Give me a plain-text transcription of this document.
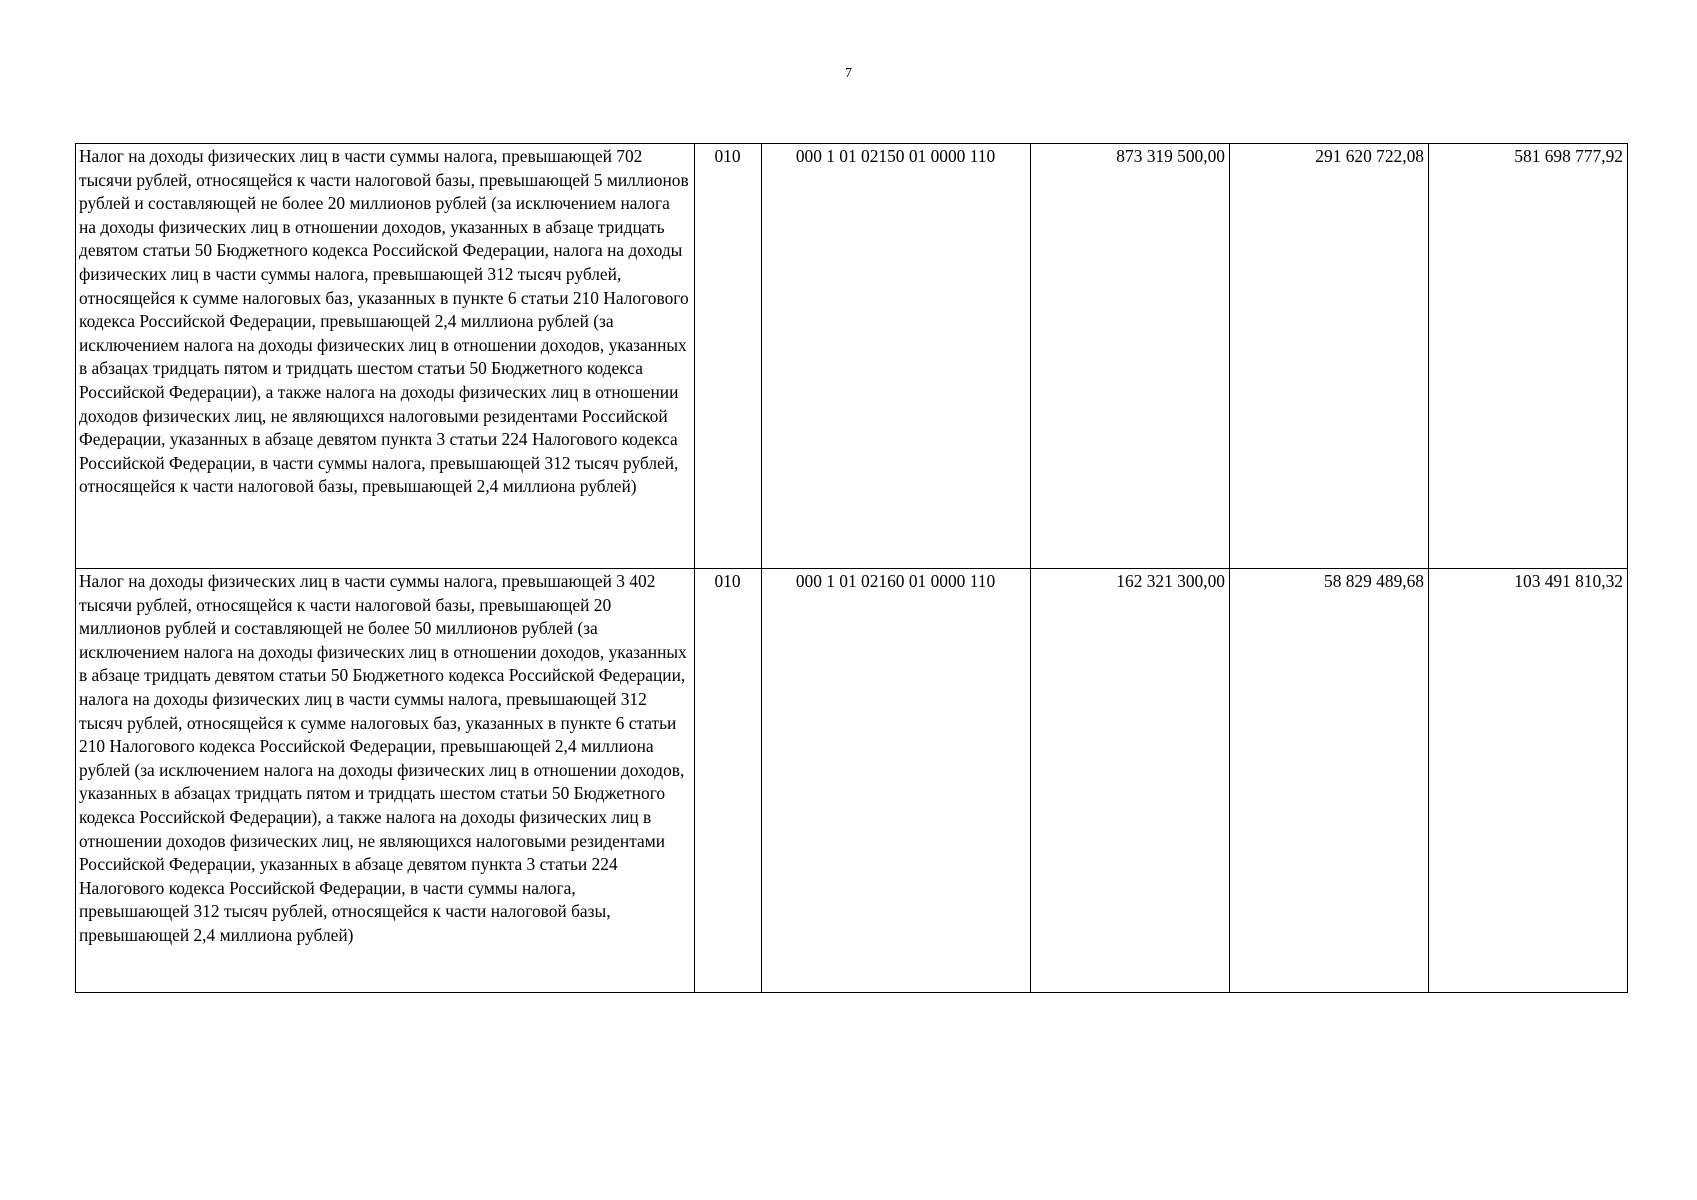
7
Налог на доходы физических лиц в части суммы налога, превышающей 702 тысячи рублей, относящейся к части налоговой базы, превышающей 5 миллионов рублей и составляющей не более 20 миллионов рублей (за исключением налога на доходы физических лиц в отношении доходов, указанных в абзаце тридцать девятом статьи 50 Бюджетного кодекса Российской Федерации, налога на доходы физических лиц в части суммы налога, превышающей 312 тысяч рублей, относящейся к сумме налоговых баз, указанных в пункте 6 статьи 210 Налогового кодекса Российской Федерации, превышающей 2,4 миллиона рублей (за исключением налога на доходы физических лиц в отношении доходов, указанных в абзацах тридцать пятом и тридцать шестом статьи 50 Бюджетного кодекса Российской Федерации), а также налога на доходы физических лиц в отношении доходов физических лиц, не являющихся налоговыми резидентами Российской Федерации, указанных в абзаце девятом пункта 3 статьи 224 Налогового кодекса Российской Федерации, в части суммы налога, превышающей 312 тысяч рублей, относящейся к части налоговой базы, превышающей 2,4 миллиона рублей)	010	000 1 01 02150 01 0000 110	873 319 500,00	291 620 722,08	581 698 777,92
Налог на доходы физических лиц в части суммы налога, превышающей 3 402 тысячи рублей, относящейся к части налоговой базы, превышающей 20 миллионов рублей и составляющей не более 50 миллионов рублей (за исключением налога на доходы физических лиц в отношении доходов, указанных в абзаце тридцать девятом статьи 50 Бюджетного кодекса Российской Федерации, налога на доходы физических лиц в части суммы налога, превышающей 312 тысяч рублей, относящейся к сумме налоговых баз, указанных в пункте 6 статьи 210 Налогового кодекса Российской Федерации, превышающей 2,4 миллиона рублей (за исключением налога на доходы физических лиц в отношении доходов, указанных в абзацах тридцать пятом и тридцать шестом статьи 50 Бюджетного кодекса Российской Федерации), а также налога на доходы физических лиц в отношении доходов физических лиц, не являющихся налоговыми резидентами Российской Федерации, указанных в абзаце девятом пункта 3 статьи 224 Налогового кодекса Российской Федерации, в части суммы налога, превышающей 312 тысяч рублей, относящейся к части налоговой базы, превышающей 2,4 миллиона рублей)	010	000 1 01 02160 01 0000 110	162 321 300,00	58 829 489,68	103 491 810,32
